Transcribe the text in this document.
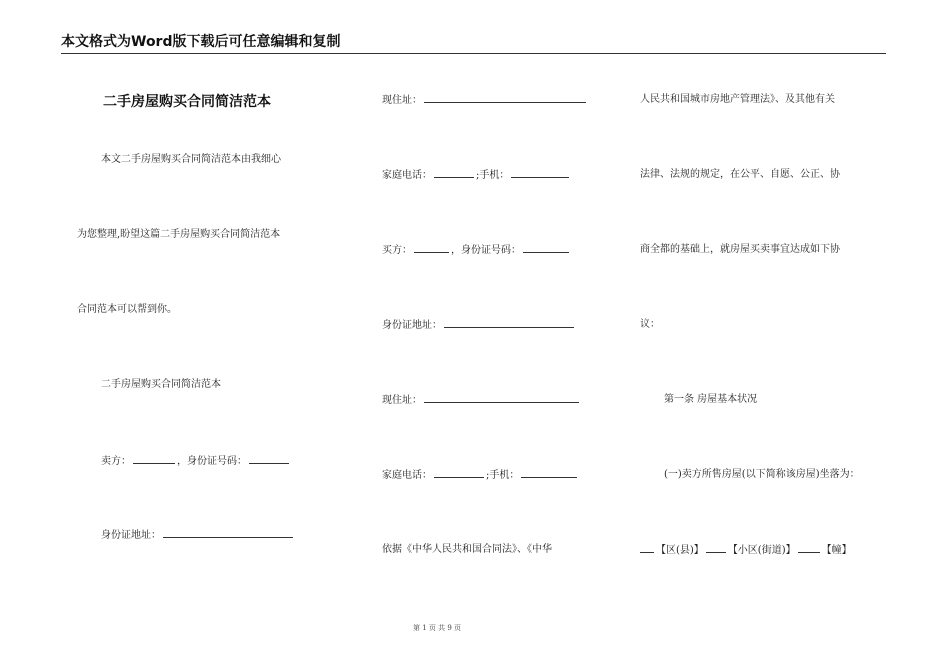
本文格式为Word版下载后可任意编辑和复制
二手房屋购买合同简洁范本
本文二手房屋购买合同简洁范本由我细心
为您整理,盼望这篇二手房屋购买合同简洁范本
合同范本可以帮到你。
二手房屋购买合同简洁范本
卖方：	，身份证号码：
身份证地址：
现住址：
家庭电话：	;手机：
买方：	，身份证号码：
身份证地址：
现住址：
家庭电话：	;手机：
依据《中华人民共和国合同法》、《中华
人民共和国城市房地产管理法》、及其他有关
法律、法规的规定，在公平、自愿、公正、协
商全都的基础上，就房屋买卖事宜达成如下协
议：
第一条 房屋基本状况
(一)卖方所售房屋(以下简称该房屋)坐落为：
【区(县)】 【小区(街道)】	【幢】
第 1 页 共 9 页
